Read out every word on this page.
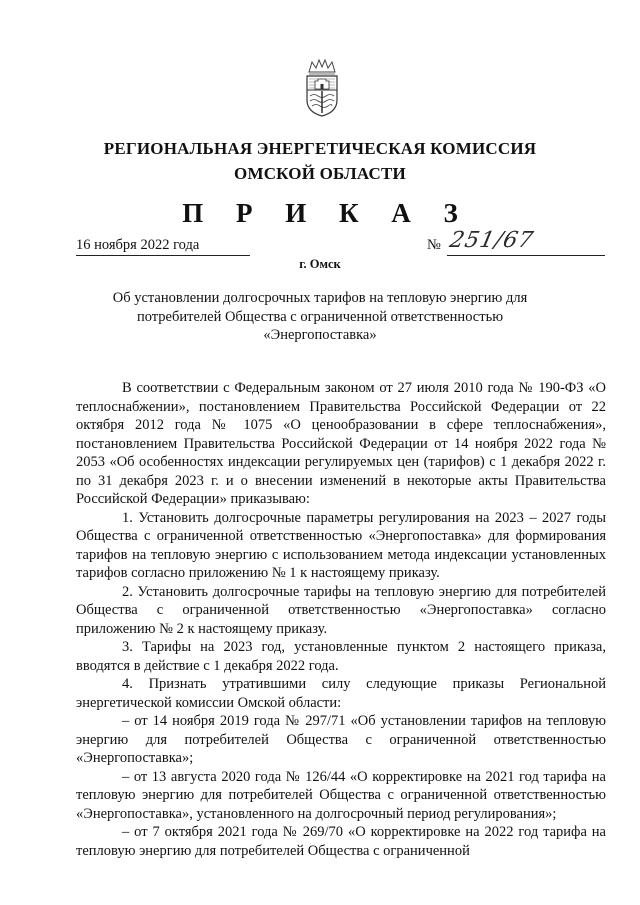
РЕГИОНАЛЬНАЯ ЭНЕРГЕТИЧЕСКАЯ КОМИССИЯ
ОМСКОЙ ОБЛАСТИ
П Р И К А З
16 ноября 2022 года	№ 251/67
г. Омск
Об установлении долгосрочных тарифов на тепловую энергию для потребителей Общества с ограниченной ответственностью «Энергопоставка»

В соответствии с Федеральным законом от 27 июля 2010 года № 190-ФЗ «О теплоснабжении», постановлением Правительства Российской Федерации от 22 октября 2012 года № 1075 «О ценообразовании в сфере теплоснабжения», постановлением Правительства Российской Федерации от 14 ноября 2022 года № 2053 «Об особенностях индексации регулируемых цен (тарифов) с 1 декабря 2022 г. по 31 декабря 2023 г. и о внесении изменений в некоторые акты Правительства Российской Федерации» приказываю:

1. Установить долгосрочные параметры регулирования на 2023 – 2027 годы Общества с ограниченной ответственностью «Энергопоставка» для формирования тарифов на тепловую энергию с использованием метода индексации установленных тарифов согласно приложению № 1 к настоящему приказу.

2. Установить долгосрочные тарифы на тепловую энергию для потребителей Общества с ограниченной ответственностью «Энергопоставка» согласно приложению № 2 к настоящему приказу.

3. Тарифы на 2023 год, установленные пунктом 2 настоящего приказа, вводятся в действие с 1 декабря 2022 года.

4. Признать утратившими силу следующие приказы Региональной энергетической комиссии Омской области:

– от 14 ноября 2019 года № 297/71 «Об установлении тарифов на тепловую энергию для потребителей Общества с ограниченной ответственностью «Энергопоставка»;

– от 13 августа 2020 года № 126/44 «О корректировке на 2021 год тарифа на тепловую энергию для потребителей Общества с ограниченной ответственностью «Энергопоставка», установленного на долгосрочный период регулирования»;

– от 7 октября 2021 года № 269/70 «О корректировке на 2022 год тарифа на тепловую энергию для потребителей Общества с ограниченной
